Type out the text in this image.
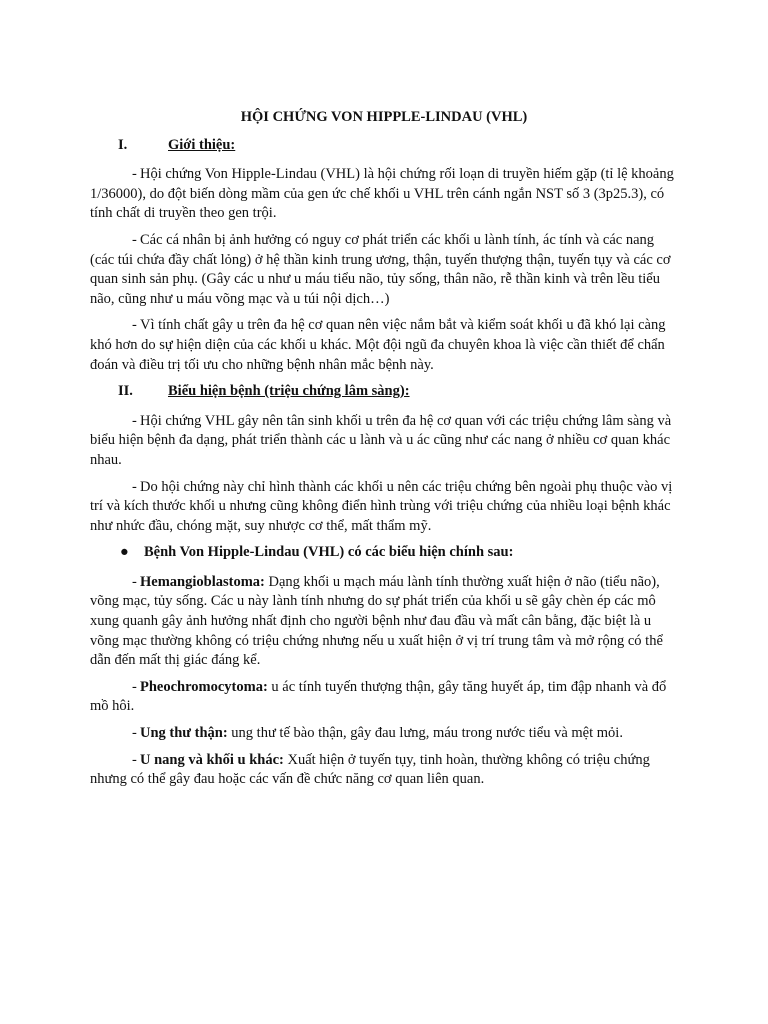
HỘI CHỨNG VON HIPPLE-LINDAU (VHL)
I.	Giới thiệu:

- Hội chứng Von Hipple-Lindau (VHL) là hội chứng rối loạn di truyền hiếm gặp (tỉ lệ khoảng 1/36000), do đột biến dòng mầm của gen ức chế khối u VHL trên cánh ngắn NST số 3 (3p25.3), có tính chất di truyền theo gen trội.

- Các cá nhân bị ảnh hưởng có nguy cơ phát triển các khối u lành tính, ác tính và các nang (các túi chứa đầy chất lỏng) ở hệ thần kinh trung ương, thận, tuyến thượng thận, tuyến tụy và các cơ quan sinh sản phụ. (Gây các u như u máu tiểu não, tủy sống, thân não, rễ thần kinh và trên lều tiểu não, cũng như u máu võng mạc và u túi nội dịch…)

- Vì tính chất gây u trên đa hệ cơ quan nên việc nắm bắt và kiểm soát khối u đã khó lại càng khó hơn do sự hiện diện của các khối u khác. Một đội ngũ đa chuyên khoa là việc cần thiết để chẩn đoán và điều trị tối ưu cho những bệnh nhân mắc bệnh này.

II.	Biểu hiện bệnh (triệu chứng lâm sàng):

- Hội chứng VHL gây nên tân sinh khối u trên đa hệ cơ quan với các triệu chứng lâm sàng và biểu hiện bệnh đa dạng, phát triển thành các u lành và u ác cũng như các nang ở nhiều cơ quan khác nhau.

- Do hội chứng này chỉ hình thành các khối u nên các triệu chứng bên ngoài phụ thuộc vào vị trí và kích thước khối u nhưng cũng không điển hình trùng với triệu chứng của nhiều loại bệnh khác như nhức đầu, chóng mặt, suy nhược cơ thể, mất thẩm mỹ.

● Bệnh Von Hipple-Lindau (VHL) có các biểu hiện chính sau:

- Hemangioblastoma: Dạng khối u mạch máu lành tính thường xuất hiện ở não (tiểu não), võng mạc, tủy sống. Các u này lành tính nhưng do sự phát triển của khối u sẽ gây chèn ép các mô xung quanh gây ảnh hưởng nhất định cho người bệnh như đau đầu và mất cân bằng, đặc biệt là u võng mạc thường không có triệu chứng nhưng nếu u xuất hiện ở vị trí trung tâm và mở rộng có thể dẫn đến mất thị giác đáng kể.

- Pheochromocytoma: u ác tính tuyến thượng thận, gây tăng huyết áp, tim đập nhanh và đổ mồ hôi.

- Ung thư thận: ung thư tế bào thận, gây đau lưng, máu trong nước tiểu và mệt mỏi.

- U nang và khối u khác: Xuất hiện ở tuyến tụy, tinh hoàn, thường không có triệu chứng nhưng có thể gây đau hoặc các vấn đề chức năng cơ quan liên quan.
